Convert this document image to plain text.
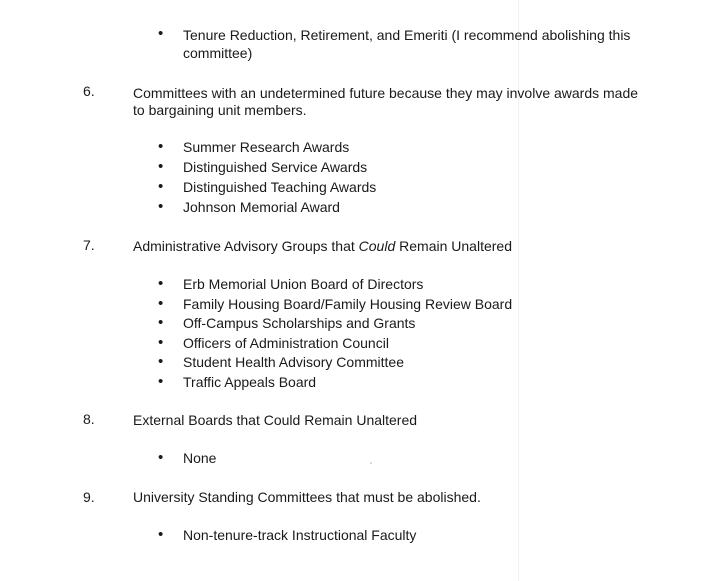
• Tenure Reduction, Retirement, and Emeriti (I recommend abolishing this
committee)
6.	Committees with an undetermined future because they may involve awards made
to bargaining unit members.
• Summer Research Awards
• Distinguished Service Awards
• Distinguished Teaching Awards
• Johnson Memorial Award
7.	Administrative Advisory Groups that Could Remain Unaltered
• Erb Memorial Union Board of Directors
• Family Housing Board/Family Housing Review Board
• Off-Campus Scholarships and Grants
• Officers of Administration Council
• Student Health Advisory Committee
• Traffic Appeals Board
8.	External Boards that Could Remain Unaltered
• None
9.	University Standing Committees that must be abolished.
• Non-tenure-track Instructional Faculty
